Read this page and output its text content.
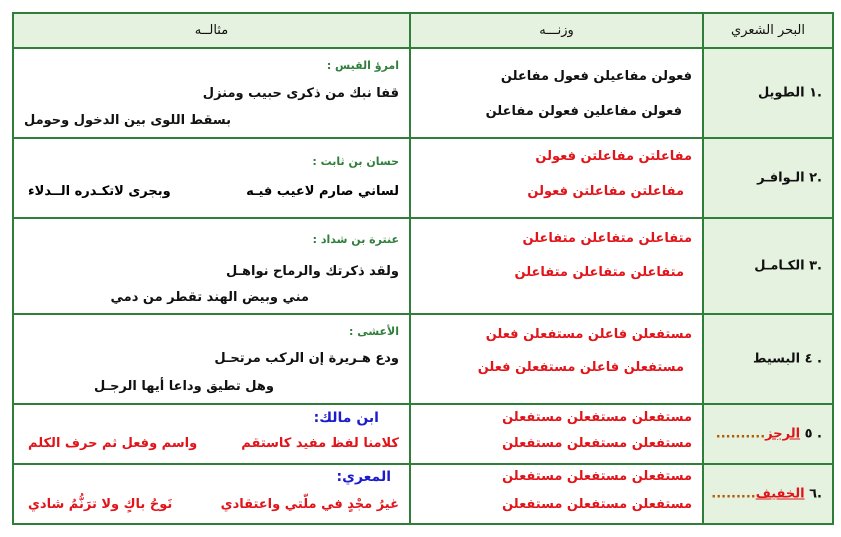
البحر الشعري
وزنـــه
مثالــه
.١ الطويل
فعولن مفاعيلن فعول مفاعلن
فعولن مفاعلين فعولن مفاعلن
امرؤ القيس :
قفا نبك من ذكرى حبيب ومنزل
بسقط اللوى بين الدخول وحومل
.٢ الـوافـر
مفاعلتن مفاعلتن فعولن
مفاعلتن مفاعلتن فعولن
حسان بن ثابت :
لساني صارم لاعيب فيـه
وبجرى لاتكـدره الــدلاء
.٣ الكـامـل
متفاعلن متفاعلن متفاعلن
متفاعلن متفاعلن متفاعلن
عنترة بن شداد :
ولقد ذكرتك والرماح نواهـل
مني وبيض الهند تقطر من دمي
. ٤ البسيط
مستفعلن فاعلن مستفعلن فعلن
مستفعلن فاعلن مستفعلن فعلن
الأعشى :
ودع هـريرة إن الركب مرتحـل
وهل تطيق وداعا أيها الرجـل
. ٥ الرجز..........
مستفعلن مستفعلن مستفعلن
مستفعلن مستفعلن مستفعلن
ابن مالك:
كلامنا لفظ مفيد كاستقم
واسم وفعل ثم حرف الكلم
.٦ الخفيف.........
مستفعلن مستفعلن مستفعلن
مستفعلن مستفعلن مستفعلن
المعري:
غيرُ مجْدٍ في ملّتي واعتقادي
نَوحُ باكٍ ولا ترَنُّمُ شادي
